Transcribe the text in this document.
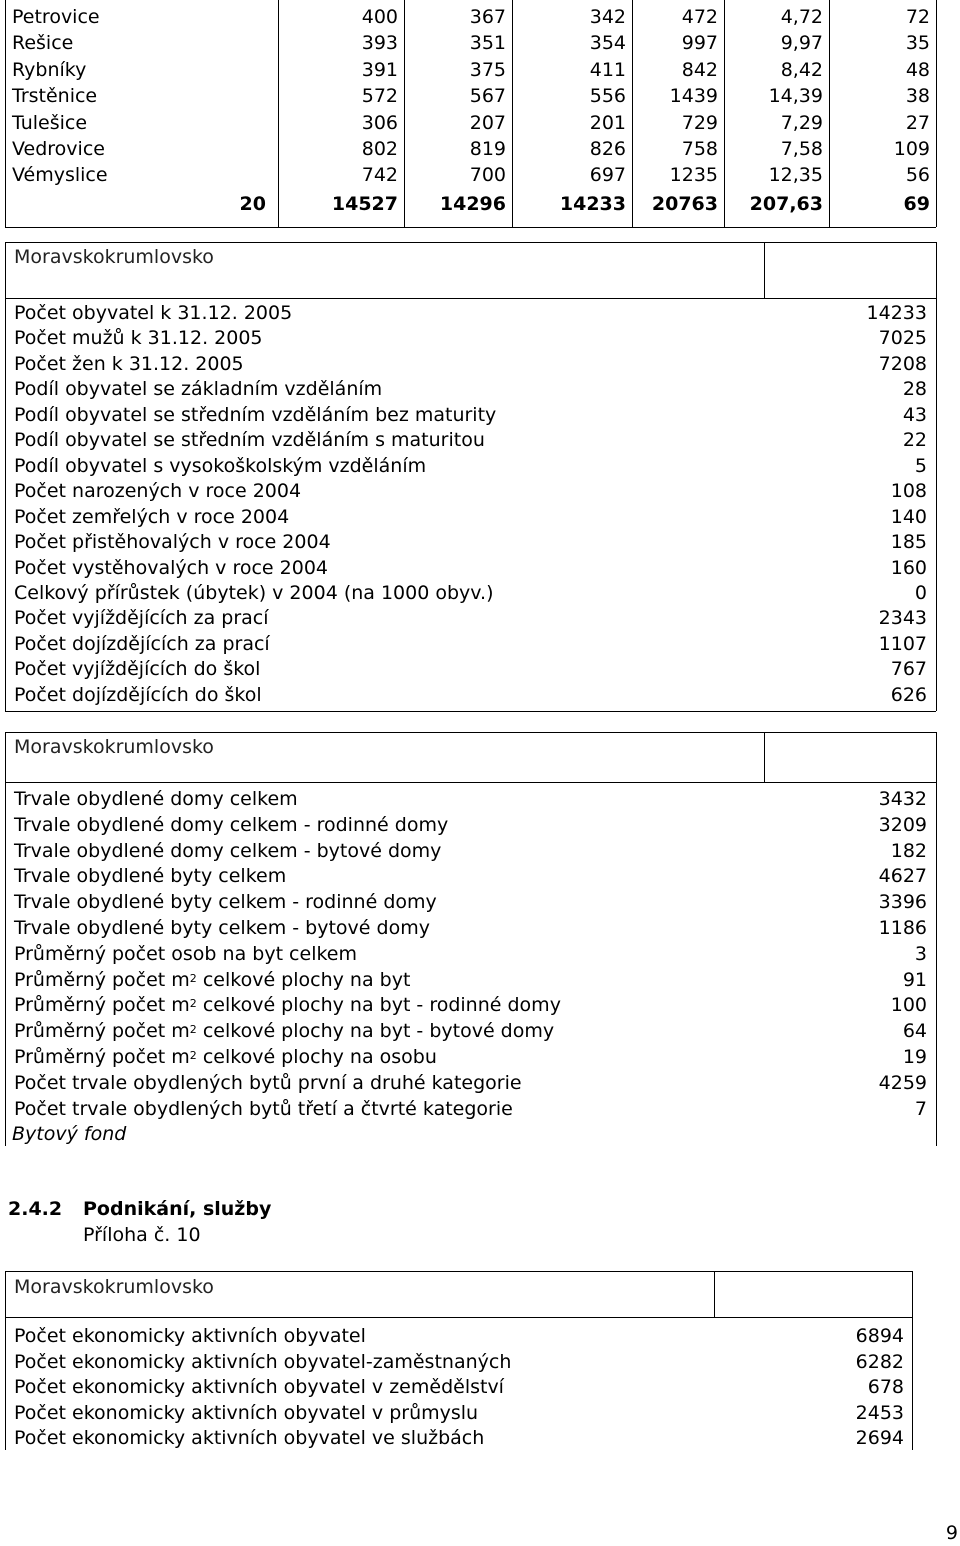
Petrovice	400	367	342	472	4,72	72
Rešice	393	351	354	997	9,97	35
Rybníky	391	375	411	842	8,42	48
Trstěnice	572	567	556	1439	14,39	38
Tulešice	306	207	201	729	7,29	27
Vedrovice	802	819	826	758	7,58	109
Vémyslice	742	700	697	1235	12,35	56
20	14527	14296	14233	20763	207,63	69
Moravskokrumlovsko
Počet obyvatel k 31.12. 2005	14233
Počet mužů k 31.12. 2005	7025
Počet žen k 31.12. 2005	7208
Podíl obyvatel se základním vzděláním	28
Podíl obyvatel se středním vzděláním bez maturity	43
Podíl obyvatel se středním vzděláním s maturitou	22
Podíl obyvatel s vysokoškolským vzděláním	5
Počet narozených v roce 2004	108
Počet zemřelých v roce 2004	140
Počet přistěhovalých v roce 2004	185
Počet vystěhovalých v roce 2004	160
Celkový přírůstek (úbytek) v 2004 (na 1000 obyv.)	0
Počet vyjíždějících za prací	2343
Počet dojízdějících za prací	1107
Počet vyjíždějících do škol	767
Počet dojízdějících do škol	626
Moravskokrumlovsko
Trvale obydlené domy celkem	3432
Trvale obydlené domy celkem - rodinné domy	3209
Trvale obydlené domy celkem - bytové domy	182
Trvale obydlené byty celkem	4627
Trvale obydlené byty celkem - rodinné domy	3396
Trvale obydlené byty celkem - bytové domy	1186
Průměrný počet osob na byt celkem	3
Průměrný počet $m^2$ celkové plochy na byt	91
Průměrný počet $m^2$ celkové plochy na byt - rodinné domy	100
Průměrný počet $m^2$ celkové plochy na byt - bytové domy	64
Průměrný počet $m^2$ celkové plochy na osobu	19
Počet trvale obydlených bytů první a druhé kategorie	4259
Počet trvale obydlených bytů třetí a čtvrté kategorie	7
Moravskokrumlovsko
Počet ekonomicky aktivních obyvatel	6894
Počet ekonomicky aktivních obyvatel-zaměstnaných	6282
Počet ekonomicky aktivních obyvatel v zemědělství	678
Počet ekonomicky aktivních obyvatel v průmyslu	2453
Počet ekonomicky aktivních obyvatel ve službách	2694
Bytový fond
2.4.2 Podnikání, služby
Příloha č. 10
9
